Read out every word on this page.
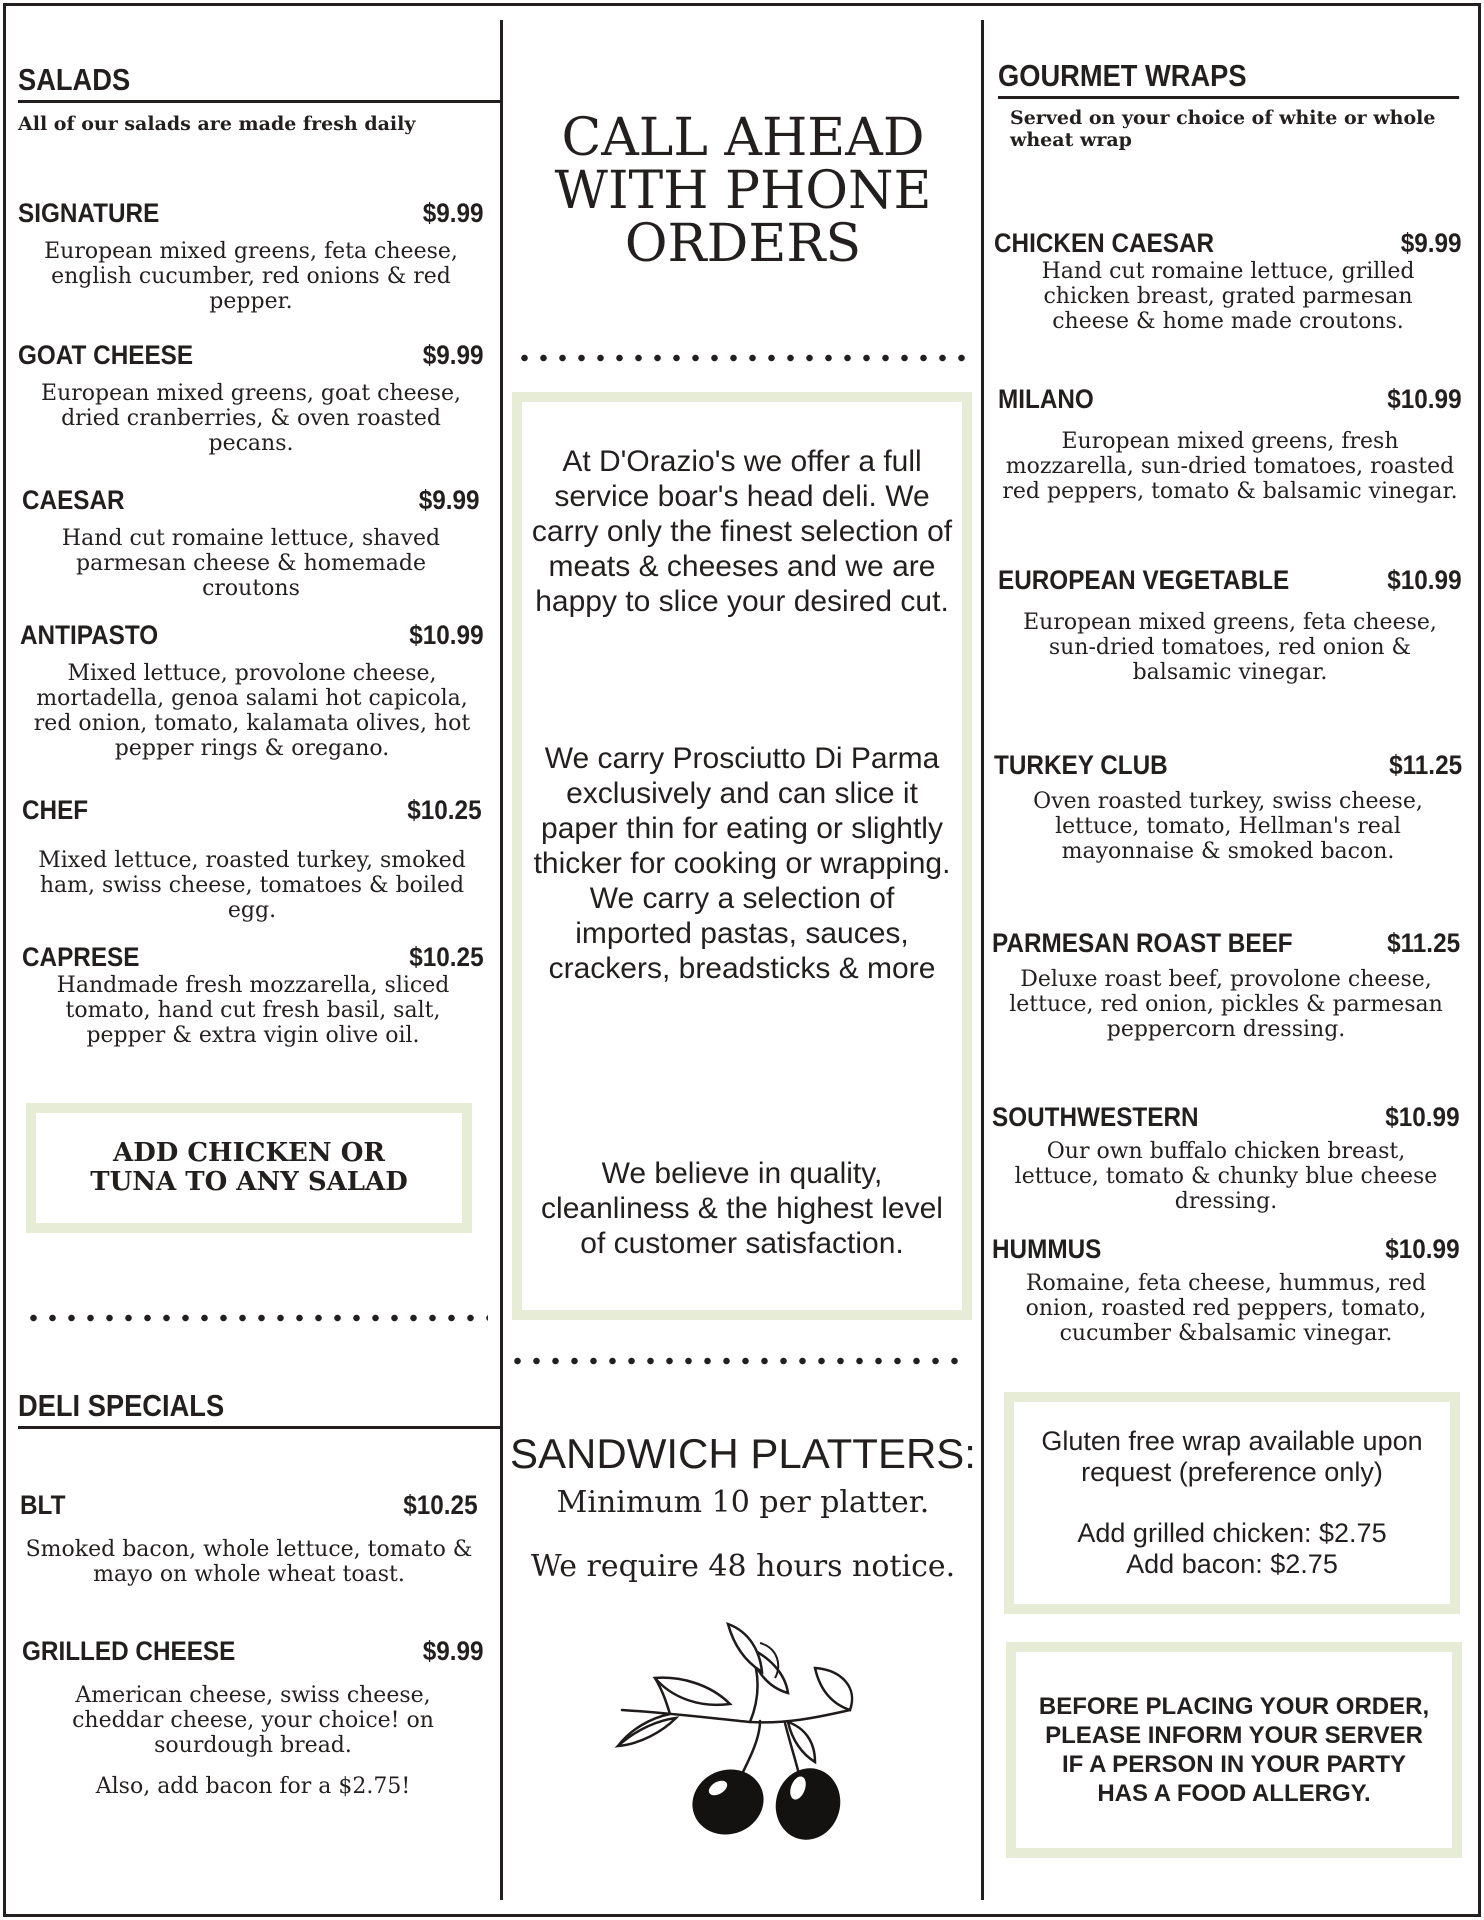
SALADS
All of our salads are made fresh daily
SIGNATURE	$9.99
European mixed greens, feta cheese, english cucumber, red onions & red pepper.
GOAT CHEESE	$9.99
European mixed greens, goat cheese, dried cranberries, & oven roasted pecans.
CAESAR	$9.99
Hand cut romaine lettuce, shaved parmesan cheese & homemade croutons
ANTIPASTO	$10.99
Mixed lettuce, provolone cheese, mortadella, genoa salami hot capicola, red onion, tomato, kalamata olives, hot pepper rings & oregano.
CHEF	$10.25
Mixed lettuce, roasted turkey, smoked ham, swiss cheese, tomatoes & boiled egg.
CAPRESE	$10.25
Handmade fresh mozzarella, sliced tomato, hand cut fresh basil, salt, pepper & extra vigin olive oil.
ADD CHICKEN OR
TUNA TO ANY SALAD
DELI SPECIALS
BLT	$10.25
Smoked bacon, whole lettuce, tomato & mayo on whole wheat toast.
GRILLED CHEESE	$9.99
American cheese, swiss cheese, cheddar cheese, your choice! on sourdough bread.
Also, add bacon for a $2.75!
CALL AHEAD
WITH PHONE
ORDERS
At D'Orazio's we offer a full service boar's head deli. We carry only the finest selection of meats & cheeses and we are happy to slice your desired cut.
We carry Prosciutto Di Parma exclusively and can slice it paper thin for eating or slightly thicker for cooking or wrapping. We carry a selection of imported pastas, sauces, crackers, breadsticks & more
We believe in quality, cleanliness & the highest level of customer satisfaction.
SANDWICH PLATTERS:
Minimum 10 per platter.
We require 48 hours notice.
GOURMET WRAPS
Served on your choice of white or whole wheat wrap
CHICKEN CAESAR	$9.99
Hand cut romaine lettuce, grilled chicken breast, grated parmesan cheese & home made croutons.
MILANO	$10.99
European mixed greens, fresh mozzarella, sun-dried tomatoes, roasted red peppers, tomato & balsamic vinegar.
EUROPEAN VEGETABLE	$10.99
European mixed greens, feta cheese, sun-dried tomatoes, red onion & balsamic vinegar.
TURKEY CLUB	$11.25
Oven roasted turkey, swiss cheese, lettuce, tomato, Hellman's real mayonnaise & smoked bacon.
PARMESAN ROAST BEEF	$11.25
Deluxe roast beef, provolone cheese, lettuce, red onion, pickles & parmesan peppercorn dressing.
SOUTHWESTERN	$10.99
Our own buffalo chicken breast, lettuce, tomato & chunky blue cheese dressing.
HUMMUS	$10.99
Romaine, feta cheese, hummus, red onion, roasted red peppers, tomato, cucumber &balsamic vinegar.
Gluten free wrap available upon request (preference only)
Add grilled chicken: $2.75
Add bacon: $2.75
BEFORE PLACING YOUR ORDER,
PLEASE INFORM YOUR SERVER
IF A PERSON IN YOUR PARTY
HAS A FOOD ALLERGY.
